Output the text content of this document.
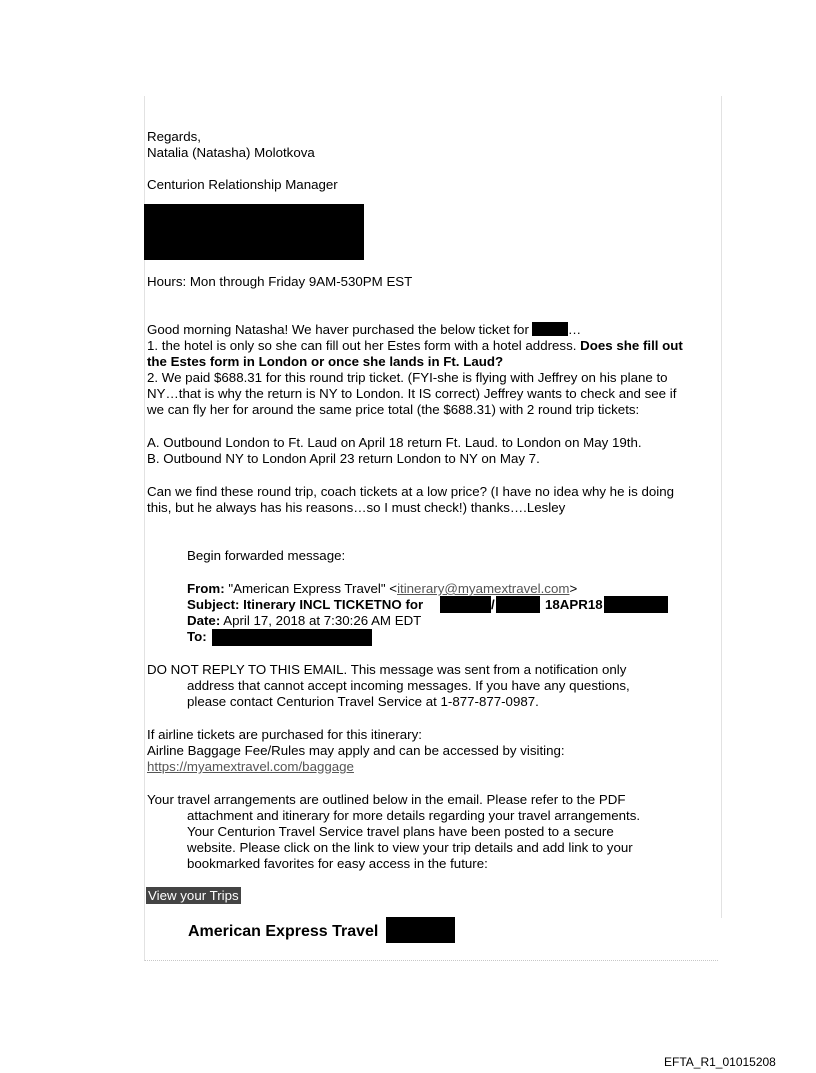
Regards,
Natalia (Natasha) Molotkova
Centurion Relationship Manager
Hours: Mon through Friday 9AM-530PM EST
Good morning Natasha! We haver purchased the below ticket for	…
1. the hotel is only so she can fill out her Estes form with a hotel address. Does she fill out
the Estes form in London or once she lands in Ft. Laud?
2. We paid $688.31 for this round trip ticket. (FYI-she is flying with Jeffrey on his plane to
NY…that is why the return is NY to London. It IS correct) Jeffrey wants to check and see if
we can fly her for around the same price total (the $688.31) with 2 round trip tickets:
A. Outbound London to Ft. Laud on April 18 return Ft. Laud. to London on May 19th.
B. Outbound NY to London April 23 return London to NY on May 7.
Can we find these round trip, coach tickets at a low price? (I have no idea why he is doing
this, but he always has his reasons…so I must check!) thanks….Lesley
Begin forwarded message:
From: "American Express Travel" <itinerary@myamextravel.com>
Subject: Itinerary INCL TICKETNO for	/	18APR18
Date: April 17, 2018 at 7:30:26 AM EDT
To:
DO NOT REPLY TO THIS EMAIL. This message was sent from a notification only
address that cannot accept incoming messages. If you have any questions,
please contact Centurion Travel Service at 1-877-877-0987.
If airline tickets are purchased for this itinerary:
Airline Baggage Fee/Rules may apply and can be accessed by visiting:
https://myamextravel.com/baggage
Your travel arrangements are outlined below in the email. Please refer to the PDF
attachment and itinerary for more details regarding your travel arrangements.
Your Centurion Travel Service travel plans have been posted to a secure
website. Please click on the link to view your trip details and add link to your
bookmarked favorites for easy access in the future:
View your Trips
American Express Travel
EFTA_R1_01015208
